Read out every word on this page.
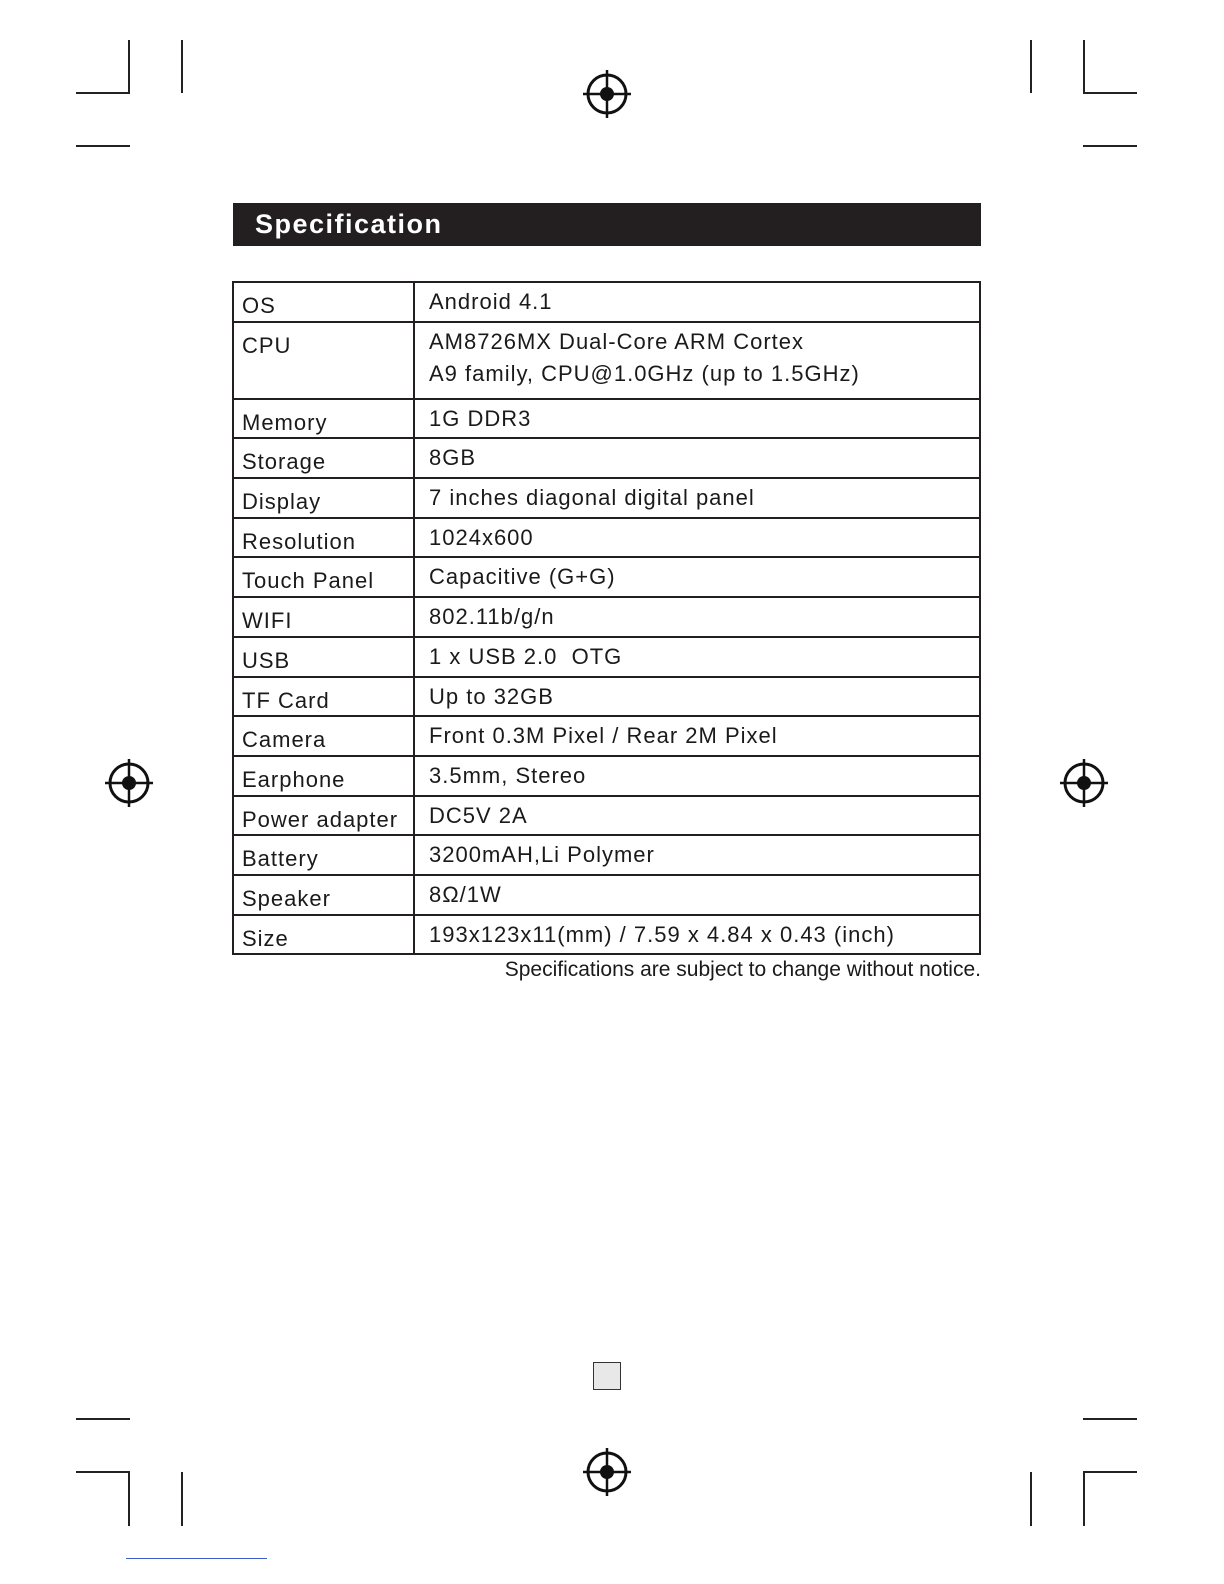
Specification
OS	Android 4.1
CPU	AM8726MX Dual-Core ARM Cortex
A9 family, CPU@1.0GHz (up to 1.5GHz)

Memory	1G DDR3
Storage	8GB
Display	7 inches diagonal digital panel
Resolution	1024x600
Touch Panel	Capacitive (G+G)
WIFI	802.11b/g/n
USB	1 x USB 2.0  OTG
TF Card	Up to 32GB
Camera	Front 0.3M Pixel / Rear 2M Pixel
Earphone	3.5mm, Stereo
Power adapter	DC5V 2A
Battery	3200mAH,Li Polymer
Speaker	8Ω/1W
Size	193x123x11(mm) / 7.59 x 4.84 x 0.43 (inch)
Specifications are subject to change without notice.
